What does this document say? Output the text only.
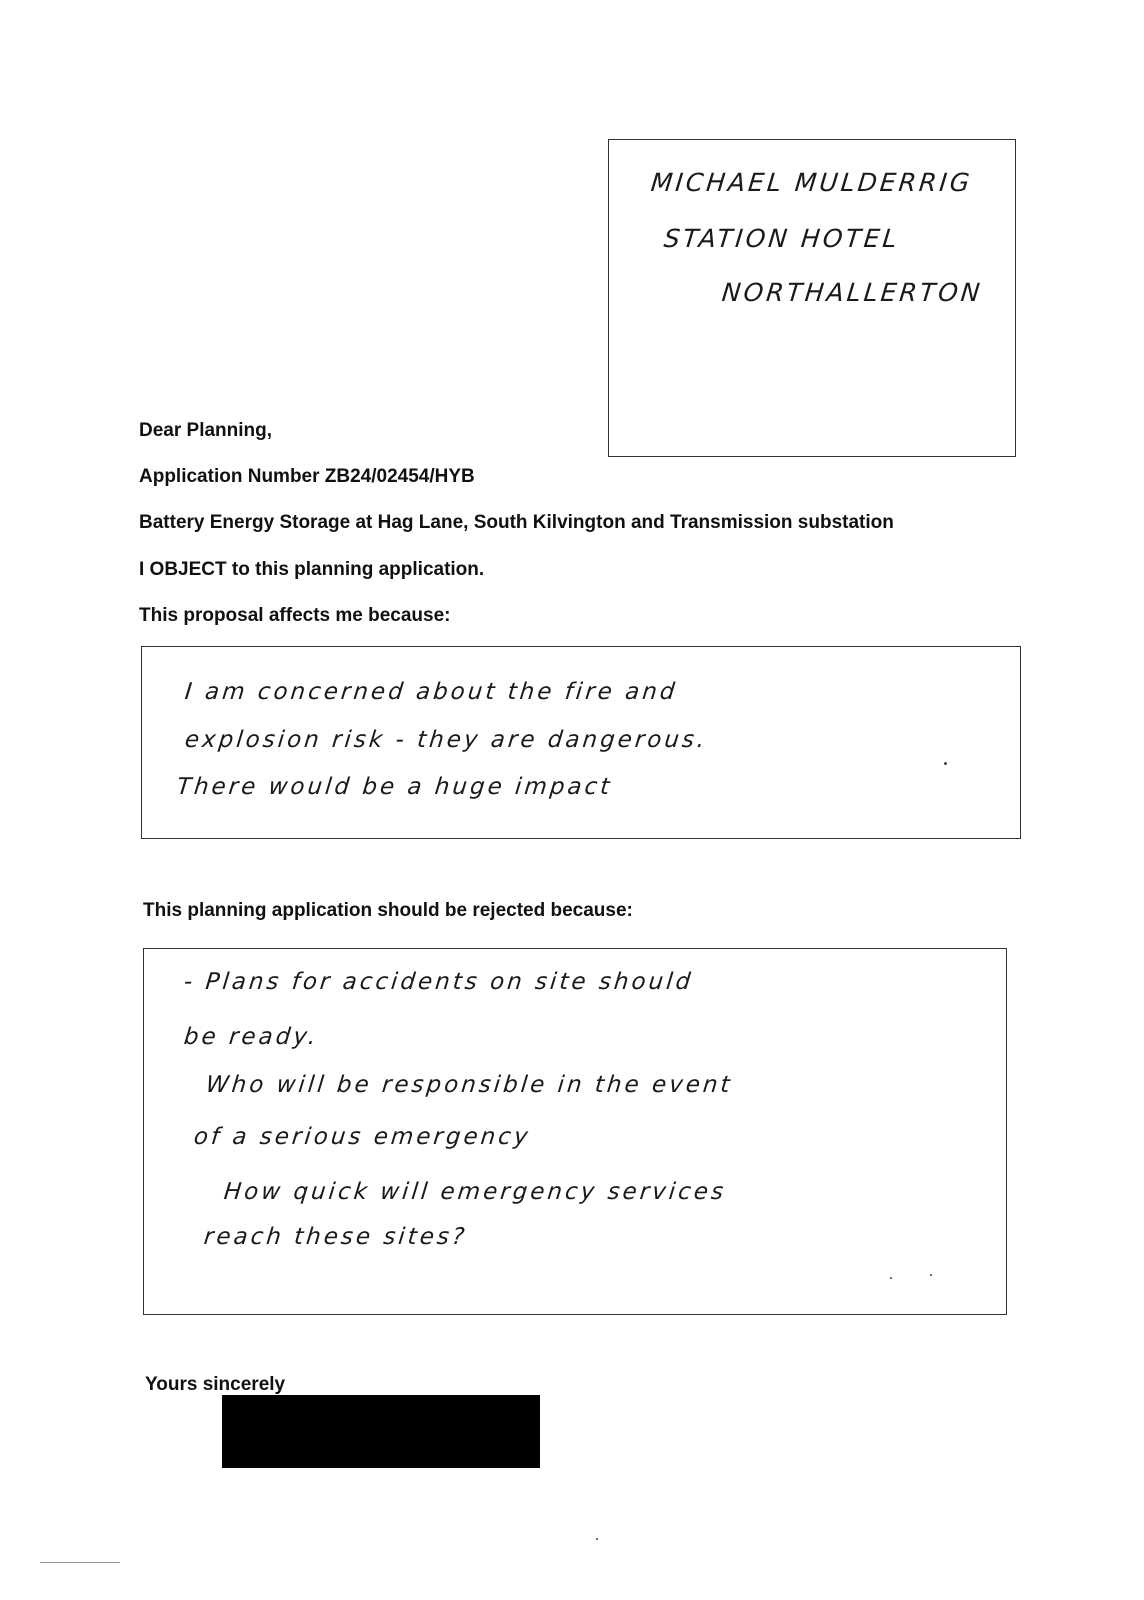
MICHAEL MULDERRIG
STATION HOTEL
NORTHALLERTON
Dear Planning,
Application Number ZB24/02454/HYB
Battery Energy Storage at Hag Lane, South Kilvington and Transmission substation
I OBJECT to this planning application.
This proposal affects me because:
I am concerned about the fire and
explosion risk - they are dangerous.
There would be a huge impact
This planning application should be rejected because:
- Plans for accidents on site should
be ready.
Who will be responsible in the event
of a serious emergency
How quick will emergency services
reach these sites?
Yours sincerely
